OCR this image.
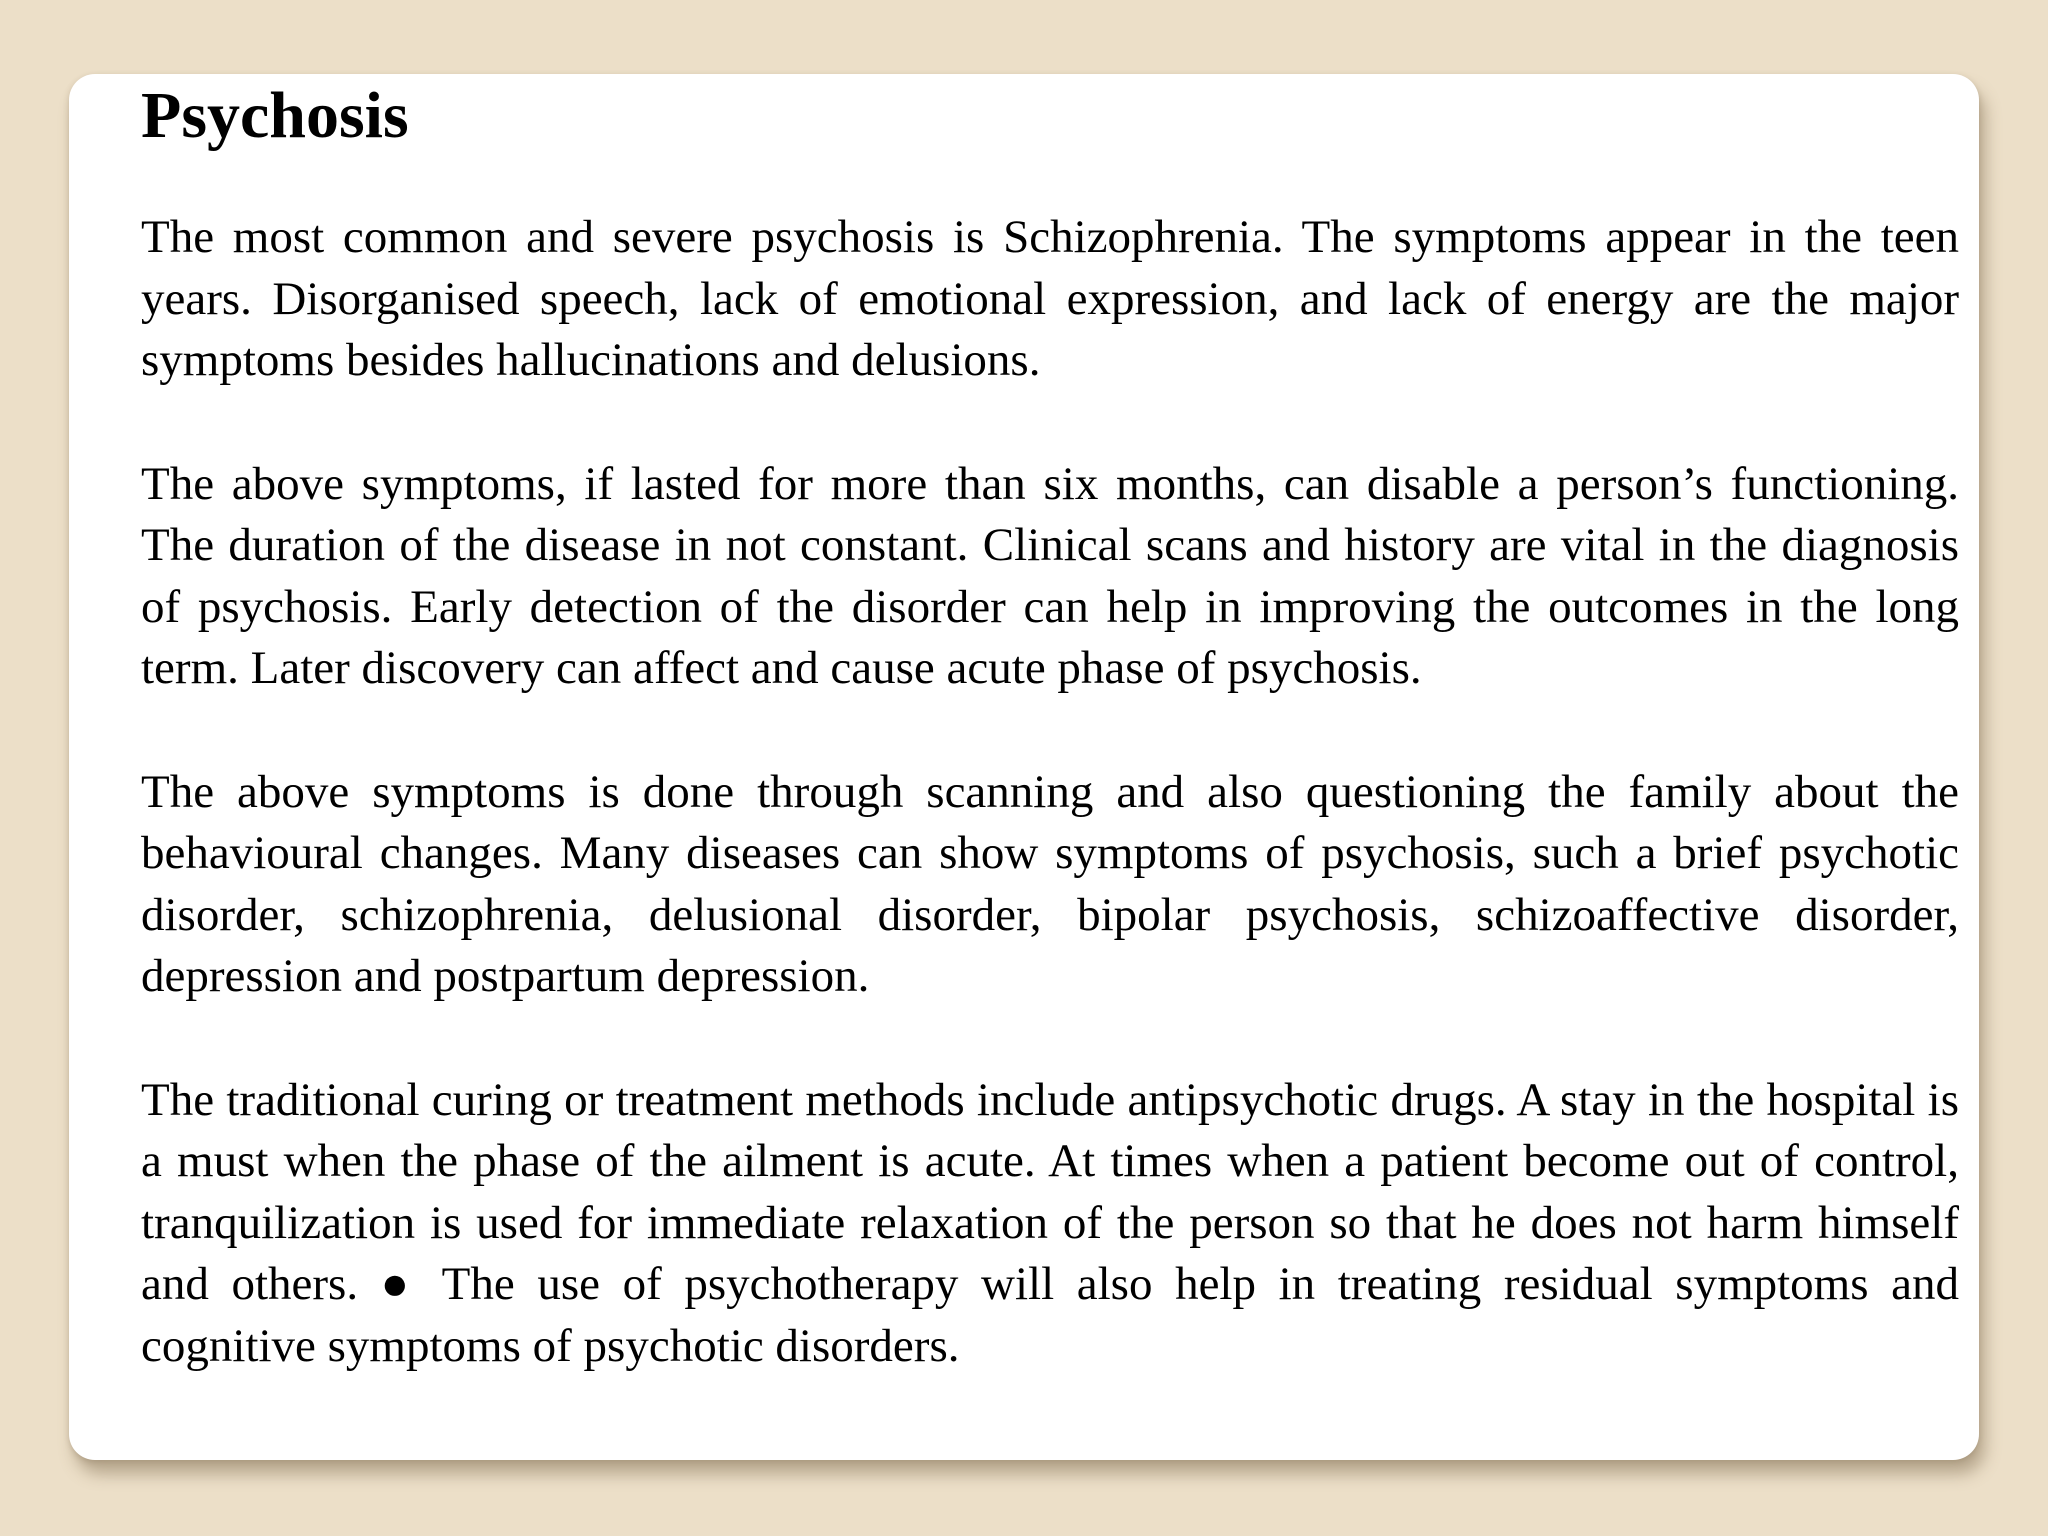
Psychosis

The most common and severe psychosis is Schizophrenia. The symptoms appear in the teen years. Disorganised speech, lack of emotional expression, and lack of energy are the major symptoms besides hallucinations and delusions.

The above symptoms, if lasted for more than six months, can disable a person’s functioning. The duration of the disease in not constant. Clinical scans and history are vital in the diagnosis of psychosis. Early detection of the disorder can help in improving the outcomes in the long term. Later discovery can affect and cause acute phase of psychosis.

The above symptoms is done through scanning and also questioning the family about the behavioural changes. Many diseases can show symptoms of psychosis, such a brief psychotic disorder, schizophrenia, delusional disorder, bipolar psychosis, schizoaffective disorder, depression and postpartum depression.

The traditional curing or treatment methods include antipsychotic drugs. A stay in the hospital is a must when the phase of the ailment is acute. At times when a patient become out of control, tranquilization is used for immediate relaxation of the person so that he does not harm himself and others. ● The use of psychotherapy will also help in treating residual symptoms and cognitive symptoms of psychotic disorders.
